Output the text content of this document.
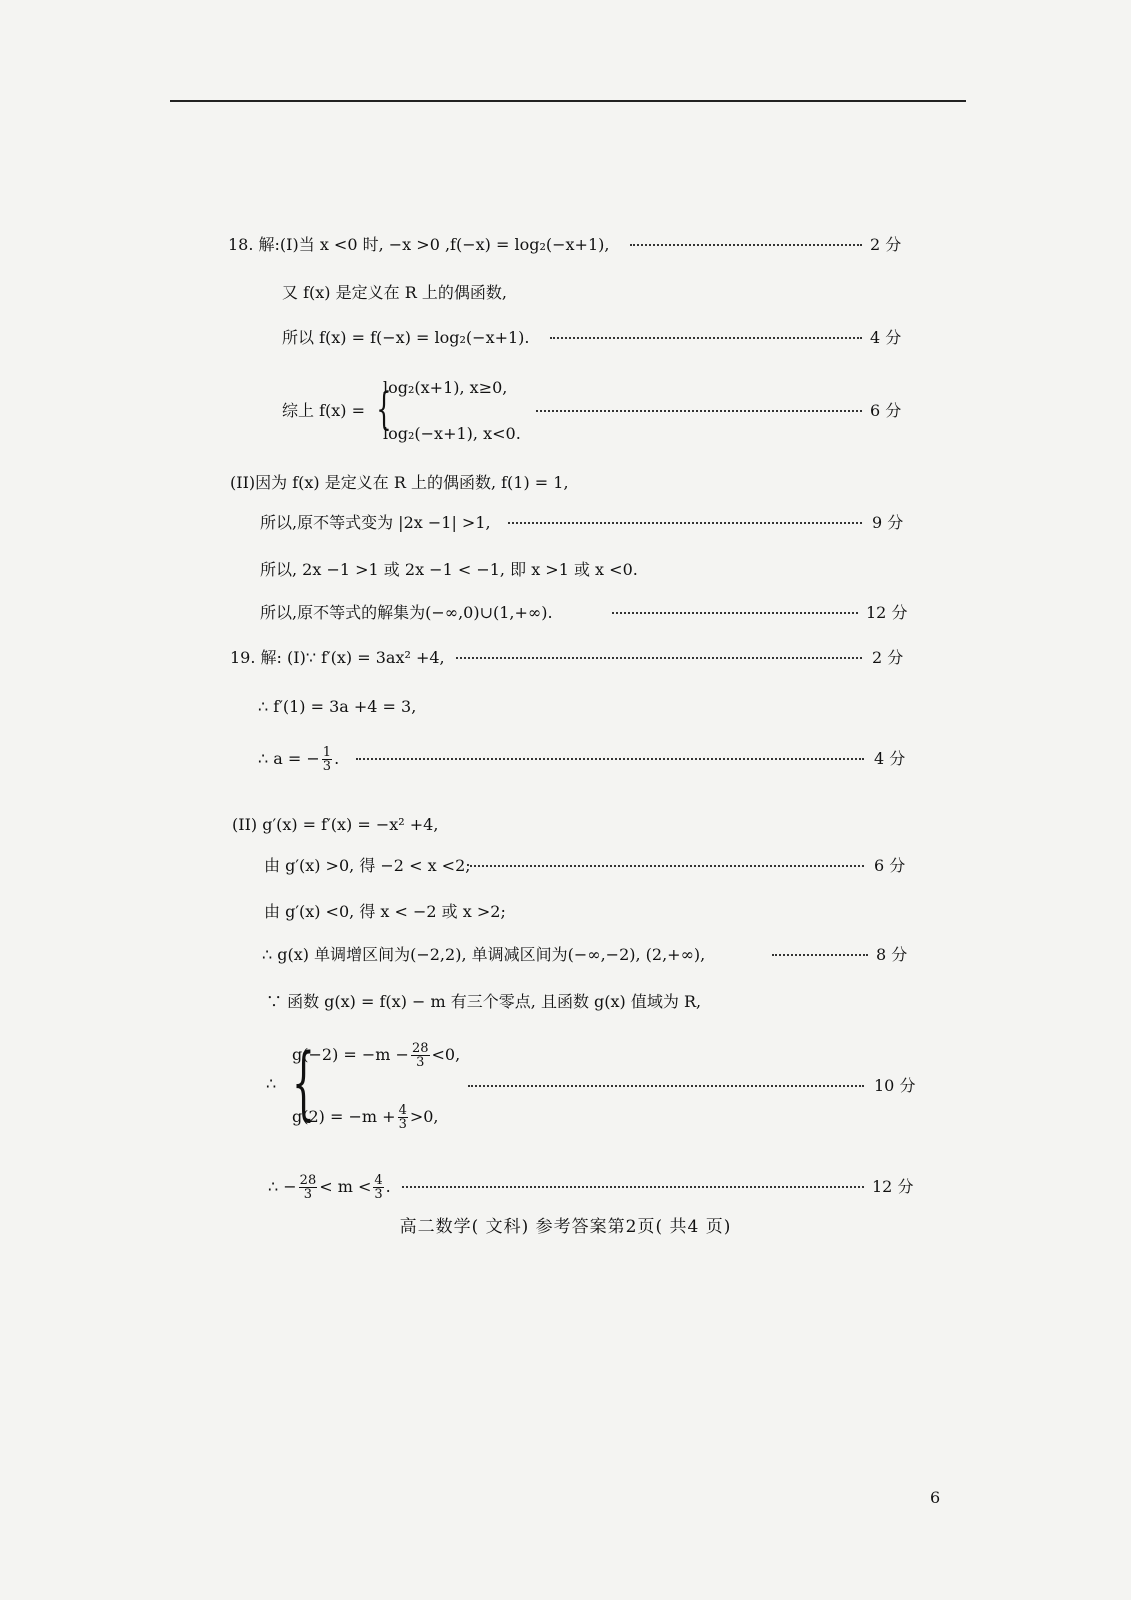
18. 解:(I)当 x <0 时, −x >0 ,f(−x) = log₂(−x+1),	2 分
又 f(x) 是定义在 R 上的偶函数,
所以 f(x) = f(−x) = log₂(−x+1).	4 分
综上 f(x) =	6 分
{
log₂(x+1), x≥0,
log₂(−x+1), x<0.
(II)因为 f(x) 是定义在 R 上的偶函数, f(1) = 1,
所以,原不等式变为 |2x −1| >1,	9 分
所以, 2x −1 >1 或 2x −1 < −1, 即 x >1 或 x <0.
所以,原不等式的解集为(−∞,0)∪(1,+∞).	12 分
19. 解: (I)∵ f′(x) = 3ax² +4,	2 分
∴ f′(1) = 3a +4 = 3,
∴ a = − $\frac{1}{3}$ .	4 分
(II) g′(x) = f′(x) = −x² +4,
由 g′(x) >0, 得 −2 < x <2;	6 分
由 g′(x) <0, 得 x < −2 或 x >2;
∴ g(x) 单调增区间为(−2,2), 单调减区间为(−∞,−2), (2,+∞),	8 分
∵ 函数 g(x) = f(x) − m 有三个零点, 且函数 g(x) 值域为 R,
∴ {
$g(-2) = -m - \frac{28}{3} <0$,
$g(2) = -m + \frac{4}{3} >0$,
10 分
∴ − $\frac{28}{3} < m < \frac{4}{3}$ .	12 分
高二数学( 文科) 参考答案第2页( 共4 页)
6
